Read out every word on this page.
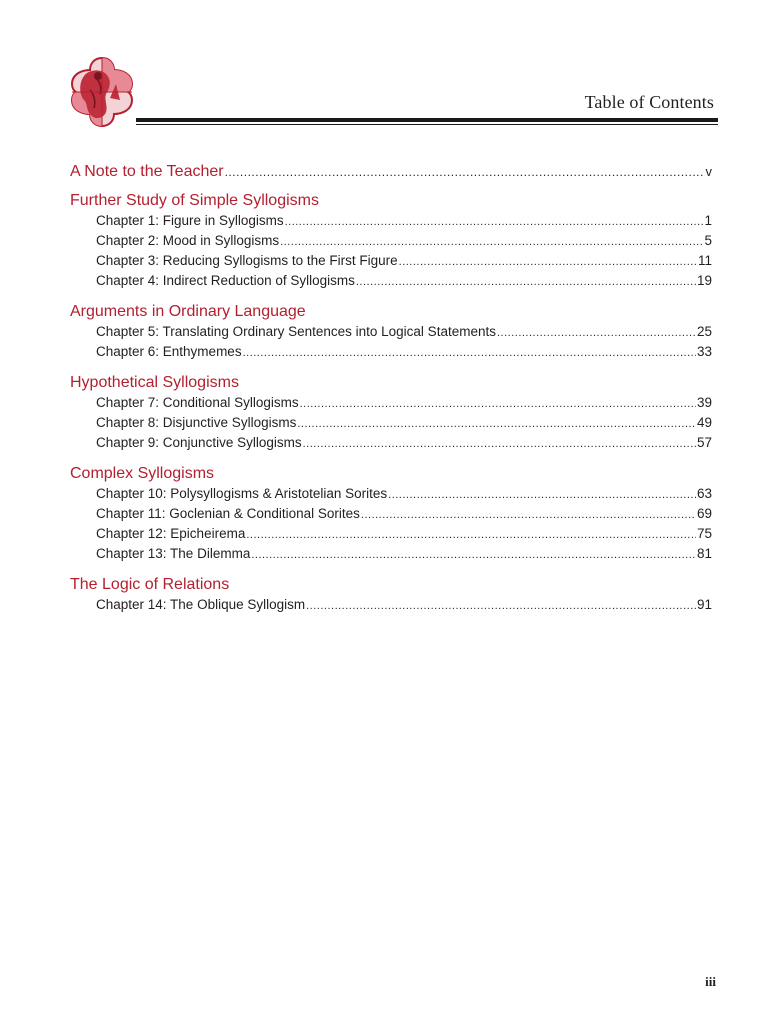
Table of Contents
A Note to the Teacher .....	v
Further Study of Simple Syllogisms
Chapter 1: Figure in Syllogisms .....	1
Chapter 2: Mood in Syllogisms .....	5
Chapter 3: Reducing Syllogisms to the First Figure .....	11
Chapter 4: Indirect Reduction of Syllogisms .....	19
Arguments in Ordinary Language
Chapter 5: Translating Ordinary Sentences into Logical Statements .....	25
Chapter 6: Enthymemes .....	33
Hypothetical Syllogisms
Chapter 7: Conditional Syllogisms .....	39
Chapter 8: Disjunctive Syllogisms .....	49
Chapter 9: Conjunctive Syllogisms .....	57
Complex Syllogisms
Chapter 10: Polysyllogisms & Aristotelian Sorites .....	63
Chapter 11: Goclenian & Conditional Sorites .....	69
Chapter 12: Epicheirema .....	75
Chapter 13: The Dilemma .....	81
The Logic of Relations
Chapter 14: The Oblique Syllogism .....	91
iii
